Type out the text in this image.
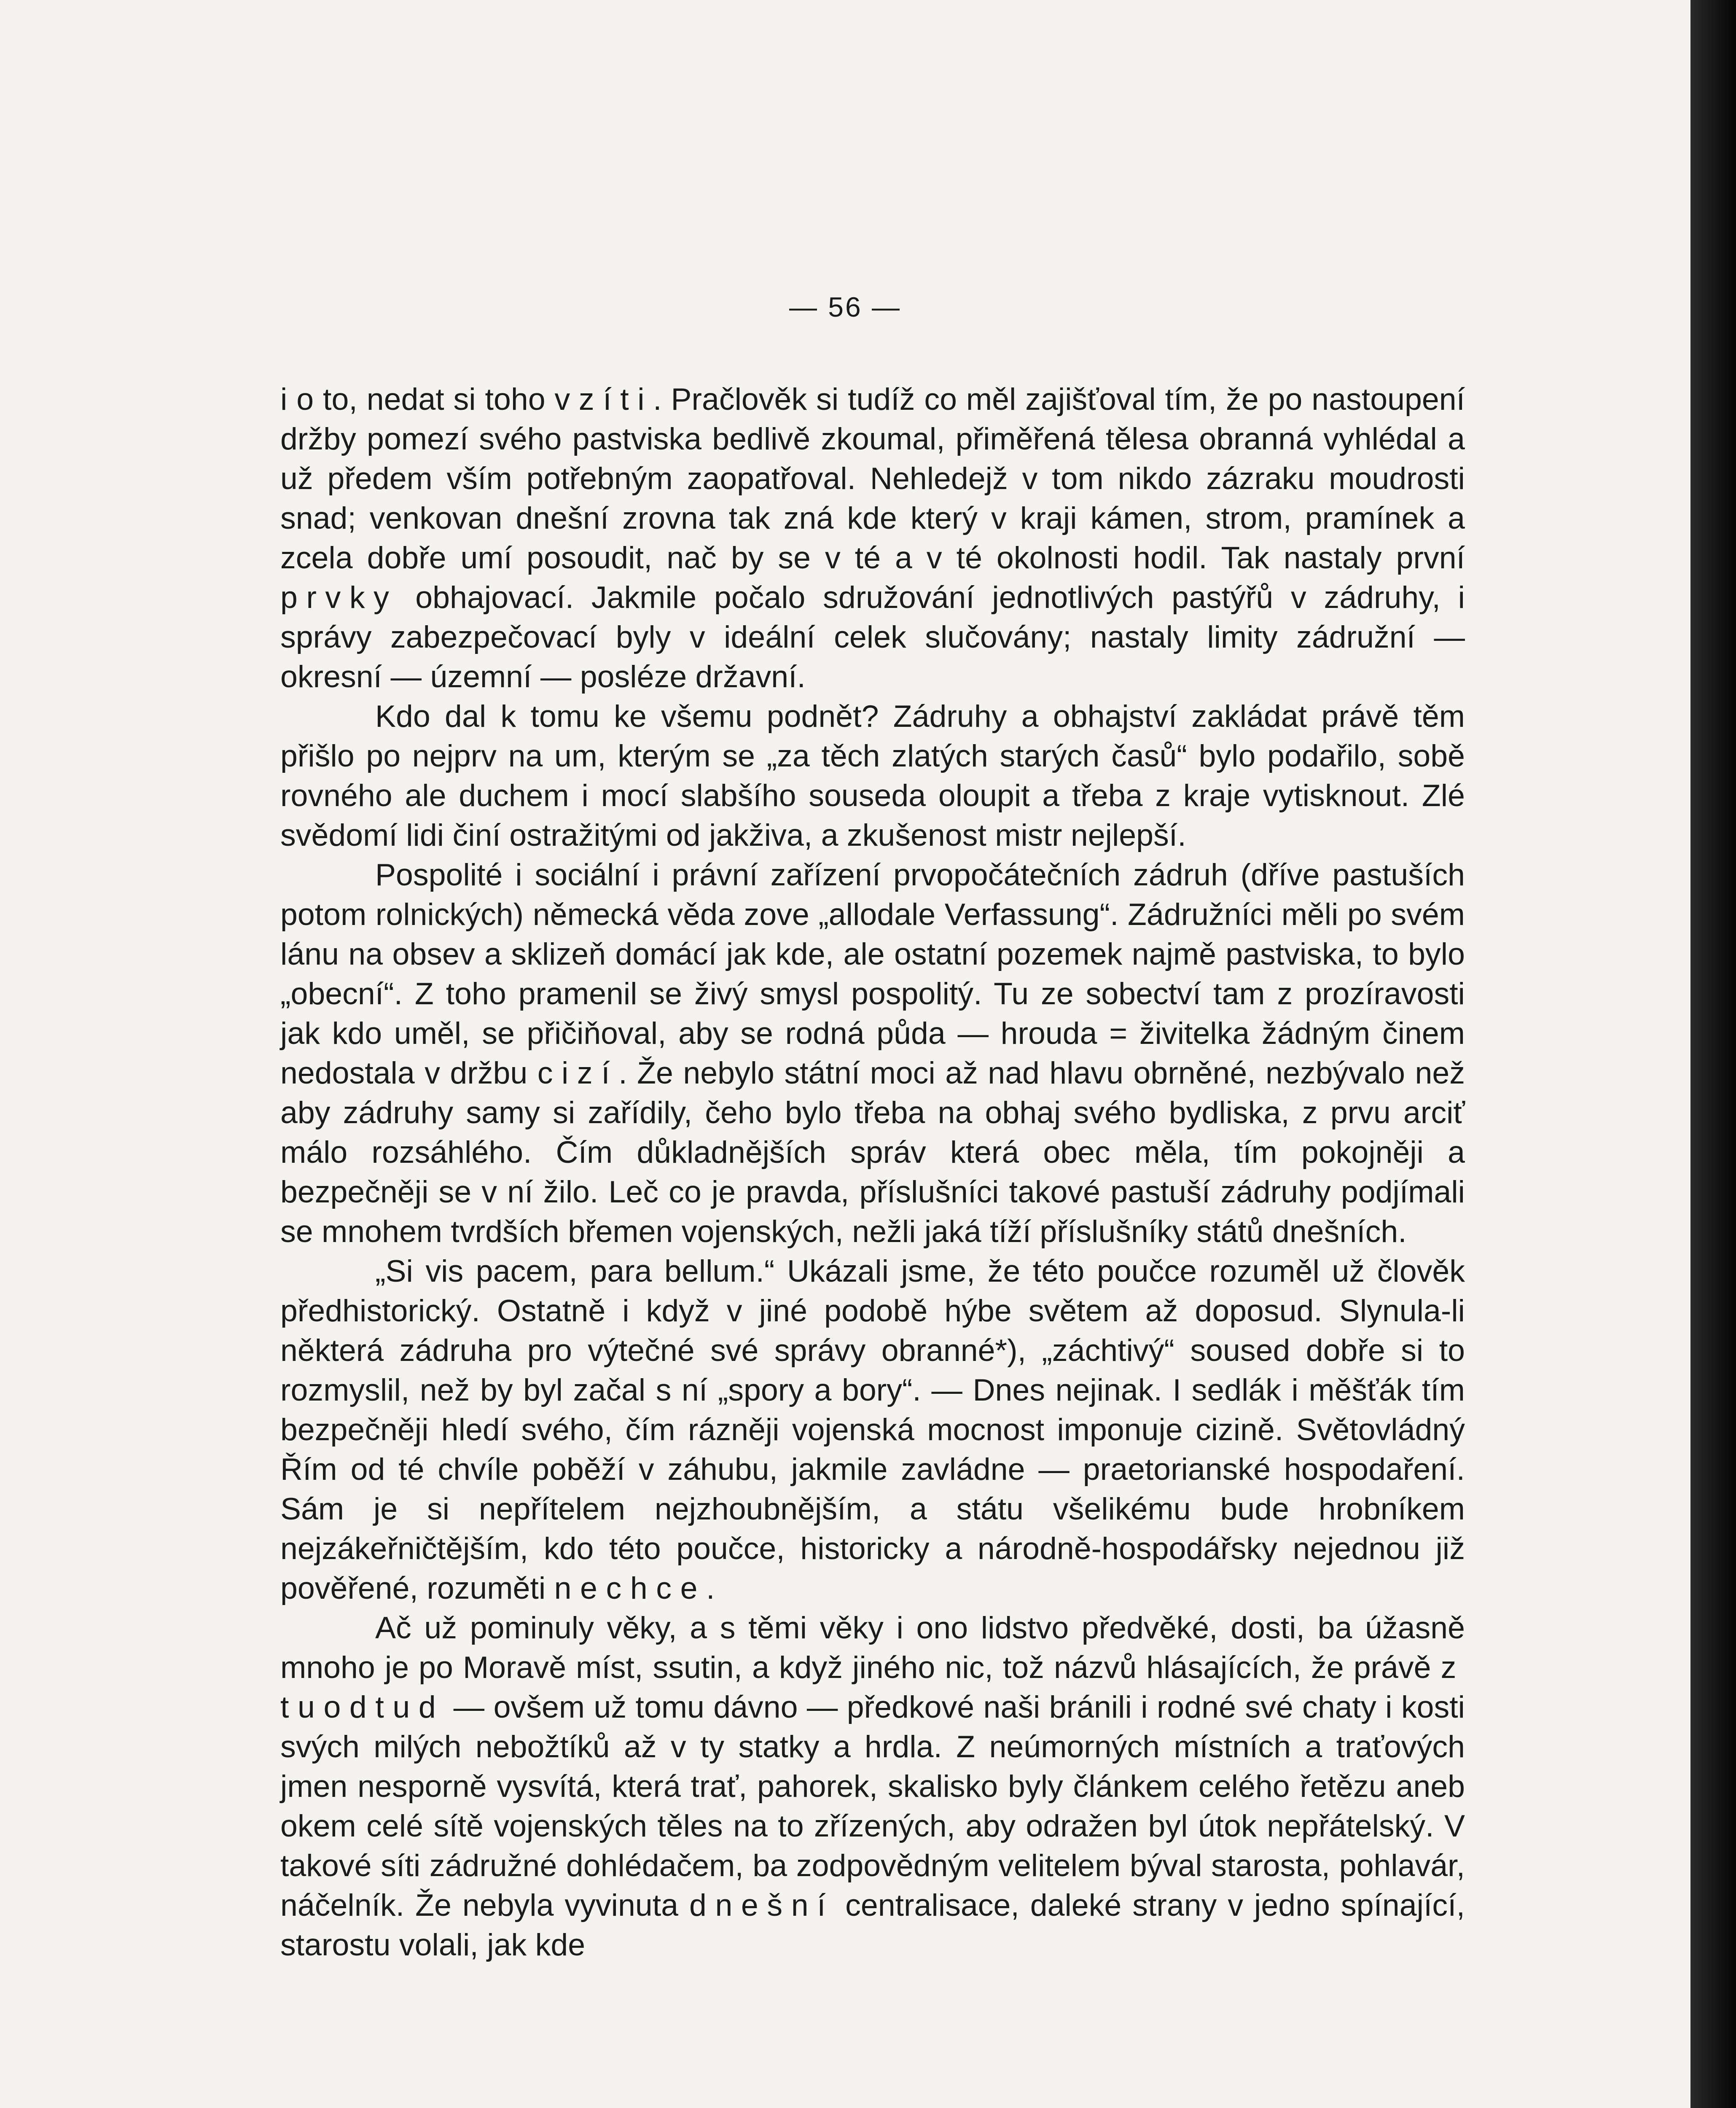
— 56 —

i o to, nedat si toho vzíti. Pračlověk si tudíž co měl zajišťoval tím, že po nastoupení držby pomezí svého pastviska bedlivě zkoumal, přiměřená tělesa obranná vyhlédal a už předem vším potřebným zaopatřoval. Nehledejž v tom nikdo zázraku moudrosti snad; venkovan dnešní zrovna tak zná kde který v kraji kámen, strom, pramínek a zcela dobře umí posoudit, nač by se v té a v té okolnosti hodil. Tak nastaly první prvky obhajovací. Jakmile počalo sdružování jednotlivých pastýřů v zádruhy, i správy zabezpečovací byly v ideální celek slučovány; nastaly limity zádružní — okresní — územní — posléze državní.

Kdo dal k tomu ke všemu podnět? Zádruhy a obhajství zakládat právě těm přišlo po nejprv na um, kterým se „za těch zlatých starých časů“ bylo podařilo, sobě rovného ale duchem i mocí slabšího souseda oloupit a třeba z kraje vytisknout. Zlé svědomí lidi činí ostražitými od jakživa, a zkušenost mistr nejlepší.

Pospolité i sociální i právní zařízení prvopočátečních zádruh (dříve pastuších potom rolnických) německá věda zove „allodale Verfassung“. Zádružníci měli po svém lánu na obsev a sklizeň domácí jak kde, ale ostatní pozemek najmě pastviska, to bylo „obecní“. Z toho pramenil se živý smysl pospolitý. Tu ze sobectví tam z prozíravosti jak kdo uměl, se přičiňoval, aby se rodná půda — hrouda = živitelka žádným činem nedostala v držbu cizí. Že nebylo státní moci až nad hlavu obrněné, nezbývalo než aby zádruhy samy si zařídily, čeho bylo třeba na obhaj svého bydliska, z prvu arciť málo rozsáhlého. Čím důkladnějších správ která obec měla, tím pokojněji a bezpečněji se v ní žilo. Leč co je pravda, příslušníci takové pastuší zádruhy podjímali se mnohem tvrdších břemen vojenských, nežli jaká tíží příslušníky států dnešních.

„Si vis pacem, para bellum.“ Ukázali jsme, že této poučce rozuměl už člověk předhistorický. Ostatně i když v jiné podobě hýbe světem až doposud. Slynula-li některá zádruha pro výtečné své správy obranné*), „záchtivý“ soused dobře si to rozmyslil, než by byl začal s ní „spory a bory“. — Dnes nejinak. I sedlák i měšťák tím bezpečněji hledí svého, čím rázněji vojenská mocnost imponuje cizině. Světovládný Řím od té chvíle poběží v záhubu, jakmile zavládne — praetorianské hospodaření. Sám je si nepřítelem nejzhoubnějším, a státu všelikému bude hrobníkem nejzákeřničtějším, kdo této poučce, historicky a národně-hospodářsky nejednou již pověřené, rozuměti nechce.

Ač už pominuly věky, a s těmi věky i ono lidstvo předvěké, dosti, ba úžasně mnoho je po Moravě míst, ssutin, a když jiného nic, tož názvů hlásajících, že právě z tuodtud — ovšem už tomu dávno — předkové naši bránili i rodné své chaty i kosti svých milých nebožtíků až v ty statky a hrdla. Z neúmorných místních a traťových jmen nesporně vysvítá, která trať, pahorek, skalisko byly článkem celého řetězu aneb okem celé sítě vojenských těles na to zřízených, aby odražen byl útok nepřátelský. V takové síti zádružné dohlédačem, ba zodpovědným velitelem býval starosta, pohlavár, náčelník. Že nebyla vyvinuta dnešní centralisace, daleké strany v jedno spínající, starostu volali, jak kde
